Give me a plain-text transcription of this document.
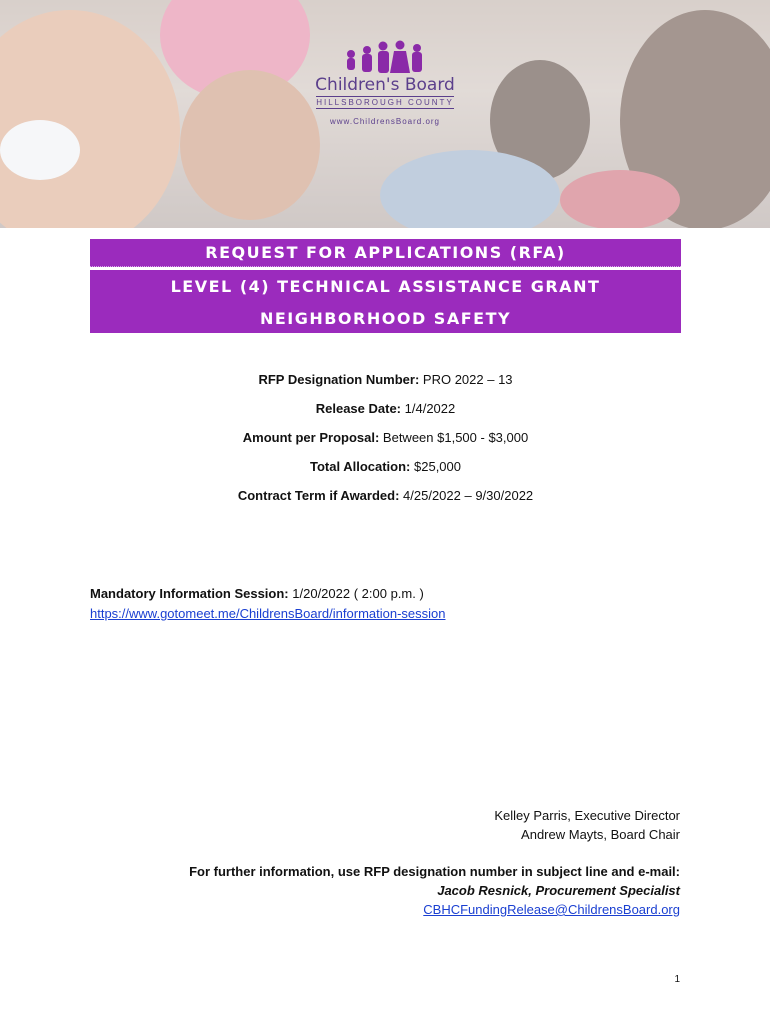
Children's Board
HILLSBOROUGH COUNTY
www.ChildrensBoard.org
REQUEST FOR APPLICATIONS (RFA)
LEVEL (4) TECHNICAL ASSISTANCE GRANT
NEIGHBORHOOD SAFETY
RFP Designation Number: PRO 2022 – 13
Release Date: 1/4/2022
Amount per Proposal: Between $1,500 - $3,000
Total Allocation: $25,000
Contract Term if Awarded: 4/25/2022 – 9/30/2022
Mandatory Information Session: 1/20/2022 ( 2:00 p.m. )
https://www.gotomeet.me/ChildrensBoard/information-session
Kelley Parris, Executive Director
Andrew Mayts, Board Chair
For further information, use RFP designation number in subject line and e-mail:
Jacob Resnick, Procurement Specialist
CBHCFundingRelease@ChildrensBoard.org
1
